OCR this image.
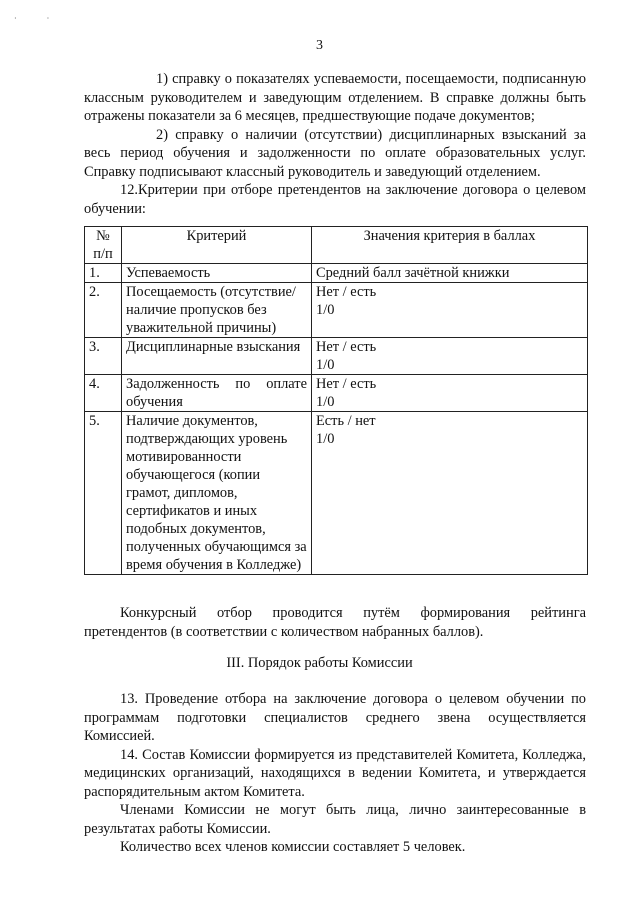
· ·
3

1) справку о показателях успеваемости, посещаемости, подписанную классным руководителем и заведующим отделением. В справке должны быть отражены показатели за 6 месяцев, предшествующие подаче документов;

2) справку о наличии (отсутствии) дисциплинарных взысканий за весь период обучения и задолженности по оплате образовательных услуг. Справку подписывают классный руководитель и заведующий отделением.

12.Критерии при отборе претендентов на заключение договора о целевом обучении:

№ п/п	Критерий	Значения критерия в баллах
1.	Успеваемость	Средний балл зачётной книжки

2.	Посещаемость (отсутствие/наличие пропусков без уважительной причины)	Нет / есть
1/0

3.	Дисциплинарные взыскания	Нет / есть
1/0

4.	Задолженность по оплате обучения	Нет / есть
1/0

5.	Наличие документов, подтверждающих уровень мотивированности обучающегося (копии грамот, дипломов, сертификатов и иных подобных документов, полученных обучающимся за время обучения в Колледже)	Есть / нет
1/0

Конкурсный отбор проводится путём формирования рейтинга претендентов (в соответствии с количеством набранных баллов).

III. Порядок работы Комиссии

13. Проведение отбора на заключение договора о целевом обучении по программам подготовки специалистов среднего звена осуществляется Комиссией.

14. Состав Комиссии формируется из представителей Комитета, Колледжа, медицинских организаций, находящихся в ведении Комитета, и утверждается распорядительным актом Комитета.

Членами Комиссии не могут быть лица, лично заинтересованные в результатах работы Комиссии.

Количество всех членов комиссии составляет 5 человек.
